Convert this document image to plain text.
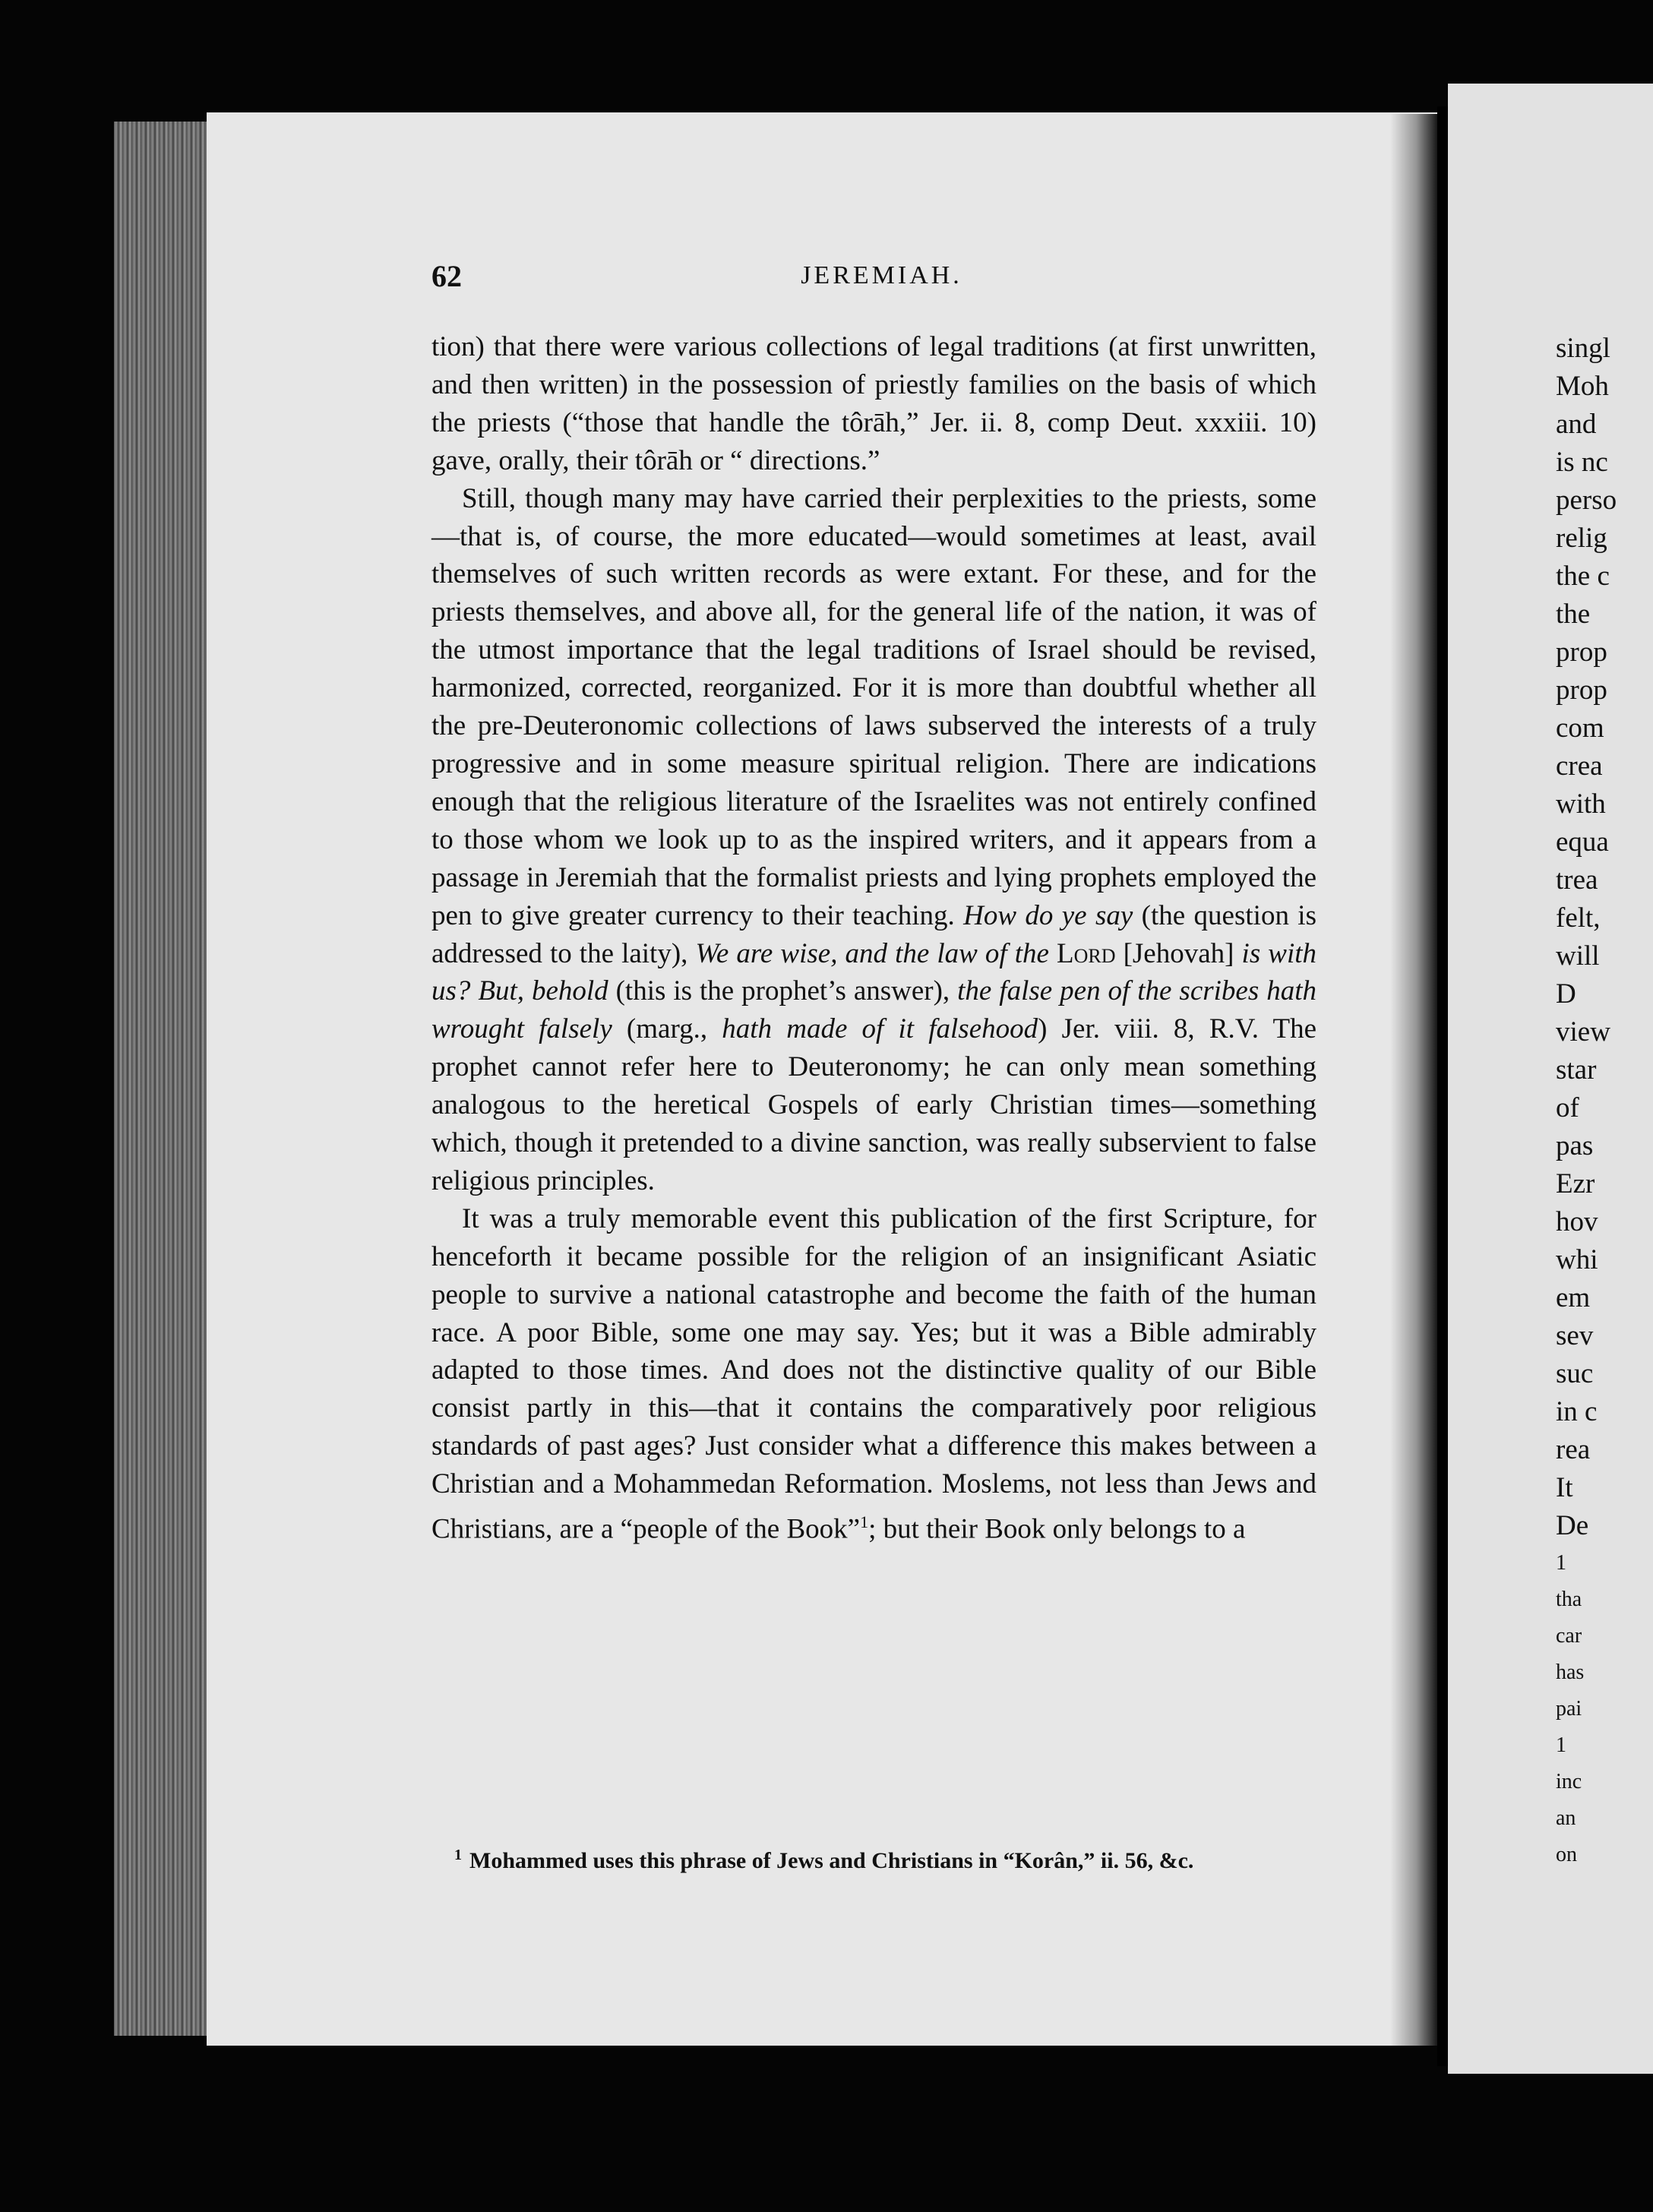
62	JEREMIAH.

tion) that there were various collections of legal traditions (at first unwritten, and then written) in the possession of priestly families on the basis of which the priests (“those that handle the tôrāh,” Jer. ii. 8, comp Deut. xxxiii. 10) gave, orally, their tôrāh or “ directions.”

Still, though many may have carried their perplexities to the priests, some—that is, of course, the more educated—would sometimes at least, avail themselves of such written records as were extant. For these, and for the priests themselves, and above all, for the general life of the nation, it was of the utmost importance that the legal traditions of Israel should be revised, harmonized, corrected, reorganized. For it is more than doubtful whether all the pre-Deuteronomic collections of laws subserved the interests of a truly progressive and in some measure spiritual religion. There are indications enough that the religious literature of the Israelites was not entirely confined to those whom we look up to as the inspired writers, and it appears from a passage in Jeremiah that the formalist priests and lying prophets employed the pen to give greater currency to their teaching. How do ye say (the question is addressed to the laity), We are wise, and the law of the Lord [Jehovah] is with us? But, behold (this is the prophet’s answer), the false pen of the scribes hath wrought falsely (marg., hath made of it falsehood) Jer. viii. 8, R.V. The prophet cannot refer here to Deuteronomy; he can only mean something analogous to the heretical Gospels of early Christian times—something which, though it pretended to a divine sanction, was really subservient to false religious principles.

It was a truly memorable event this publication of the first Scripture, for henceforth it became possible for the religion of an insignificant Asiatic people to survive a national catastrophe and become the faith of the human race. A poor Bible, some one may say. Yes; but it was a Bible admirably adapted to those times. And does not the distinctive quality of our Bible consist partly in this—that it contains the comparatively poor religious standards of past ages? Just consider what a difference this makes between a Christian and a Mohammedan Reformation. Moslems, not less than Jews and Christians, are a “people of the Book”$^1$; but their Book only belongs to a

$^1$ Mohammed uses this phrase of Jews and Christians in “Korân,” ii. 56, &c.
singl
Moh
and
is nc
perso
relig
the c
the
prop
prop
com
crea
with
equa
trea
felt,
will
D
view
star
of
pas
Ezr
hov
whi
em
sev
suc
in c
rea
It
De
1
tha
car
has
pai
1
inc
an
on
